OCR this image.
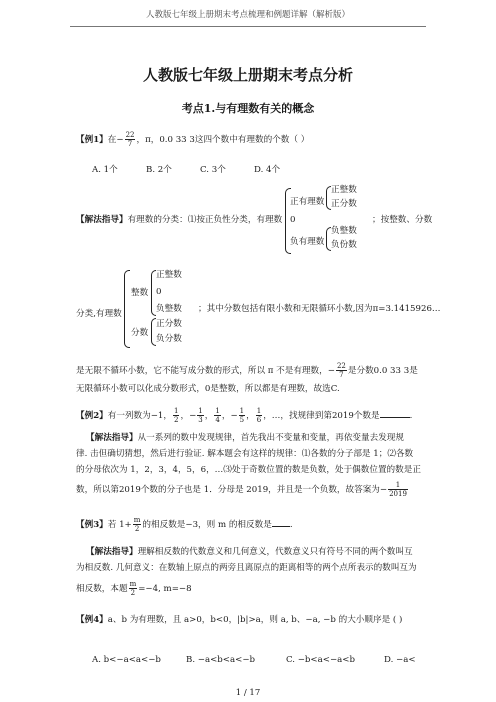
人教版七年级上册期末考点梳理和例题详解（解析版）
人教版七年级上册期末考点分析
考点1.与有理数有关的概念
【例1】在− $\frac{22}{7}$ ，π，0.0 33 3这四个数中有理数的个数（ ）
A. 1个	B. 2个	C. 3个	D. 4个
【解法指导】有理数的分类：⑴按正负性分类，有理数
正有理数
正整数
正分数
0
负有理数
负整数
负份数
；按整数、分数
分类,有理数
整数
正整数
0
负整数
分数
正分数
负分数
；其中分数包括有限小数和无限循环小数,因为π=3.1415926…
是无限不循环小数，它不能写成分数的形式，所以 π 不是有理数，− $\frac{22}{7}$ 是分数0.0 33 3是
无限循环小数可以化成分数形式，0是整数，所以都是有理数，故选C.
【例2】有一列数为−1， $\frac{1}{2}$ ，− $\frac{1}{3}$ ， $\frac{1}{4}$ ，− $\frac{1}{5}$ ， $\frac{1}{6}$ ，…，找规律到第2019个数是	.
【解法指导】从一系列的数中发现规律，首先我出不变量和变量，再依变量去发现规
律. 击但确切猜想，然后进行验证. 解本题会有这样的规律：⑴各数的分子部是 1；⑵各数
的分母依次为 1，2，3，4，5，6，…⑶处于奇数位置的数是负数，处于偶数位置的数是正
数，所以第2019个数的分子也是 1．分母是 2019，并且是一个负数，故答案为− $\frac{1}{2019}$
【例3】若 $1+ \frac{m}{2}$ 的相反数是−3，则 m 的相反数是 .
【解法指导】理解相反数的代数意义和几何意义，代数意义只有符号不同的两个数叫互
为相反数. 几何意义：在数轴上原点的两旁且离原点的距离相等的两个点所表示的数叫互为
相反数，本题 $\frac{m}{2} =-4$, m=−8
【例4】a、b 为有理数，且 a>0，b<0，|b|>a，则 a, b、−a, −b 的大小顺序是 ( )
A. b<−a<a<−b	B. −a<b<a<−b	C. −b<a<−a<b	D. −a<
1 / 17
